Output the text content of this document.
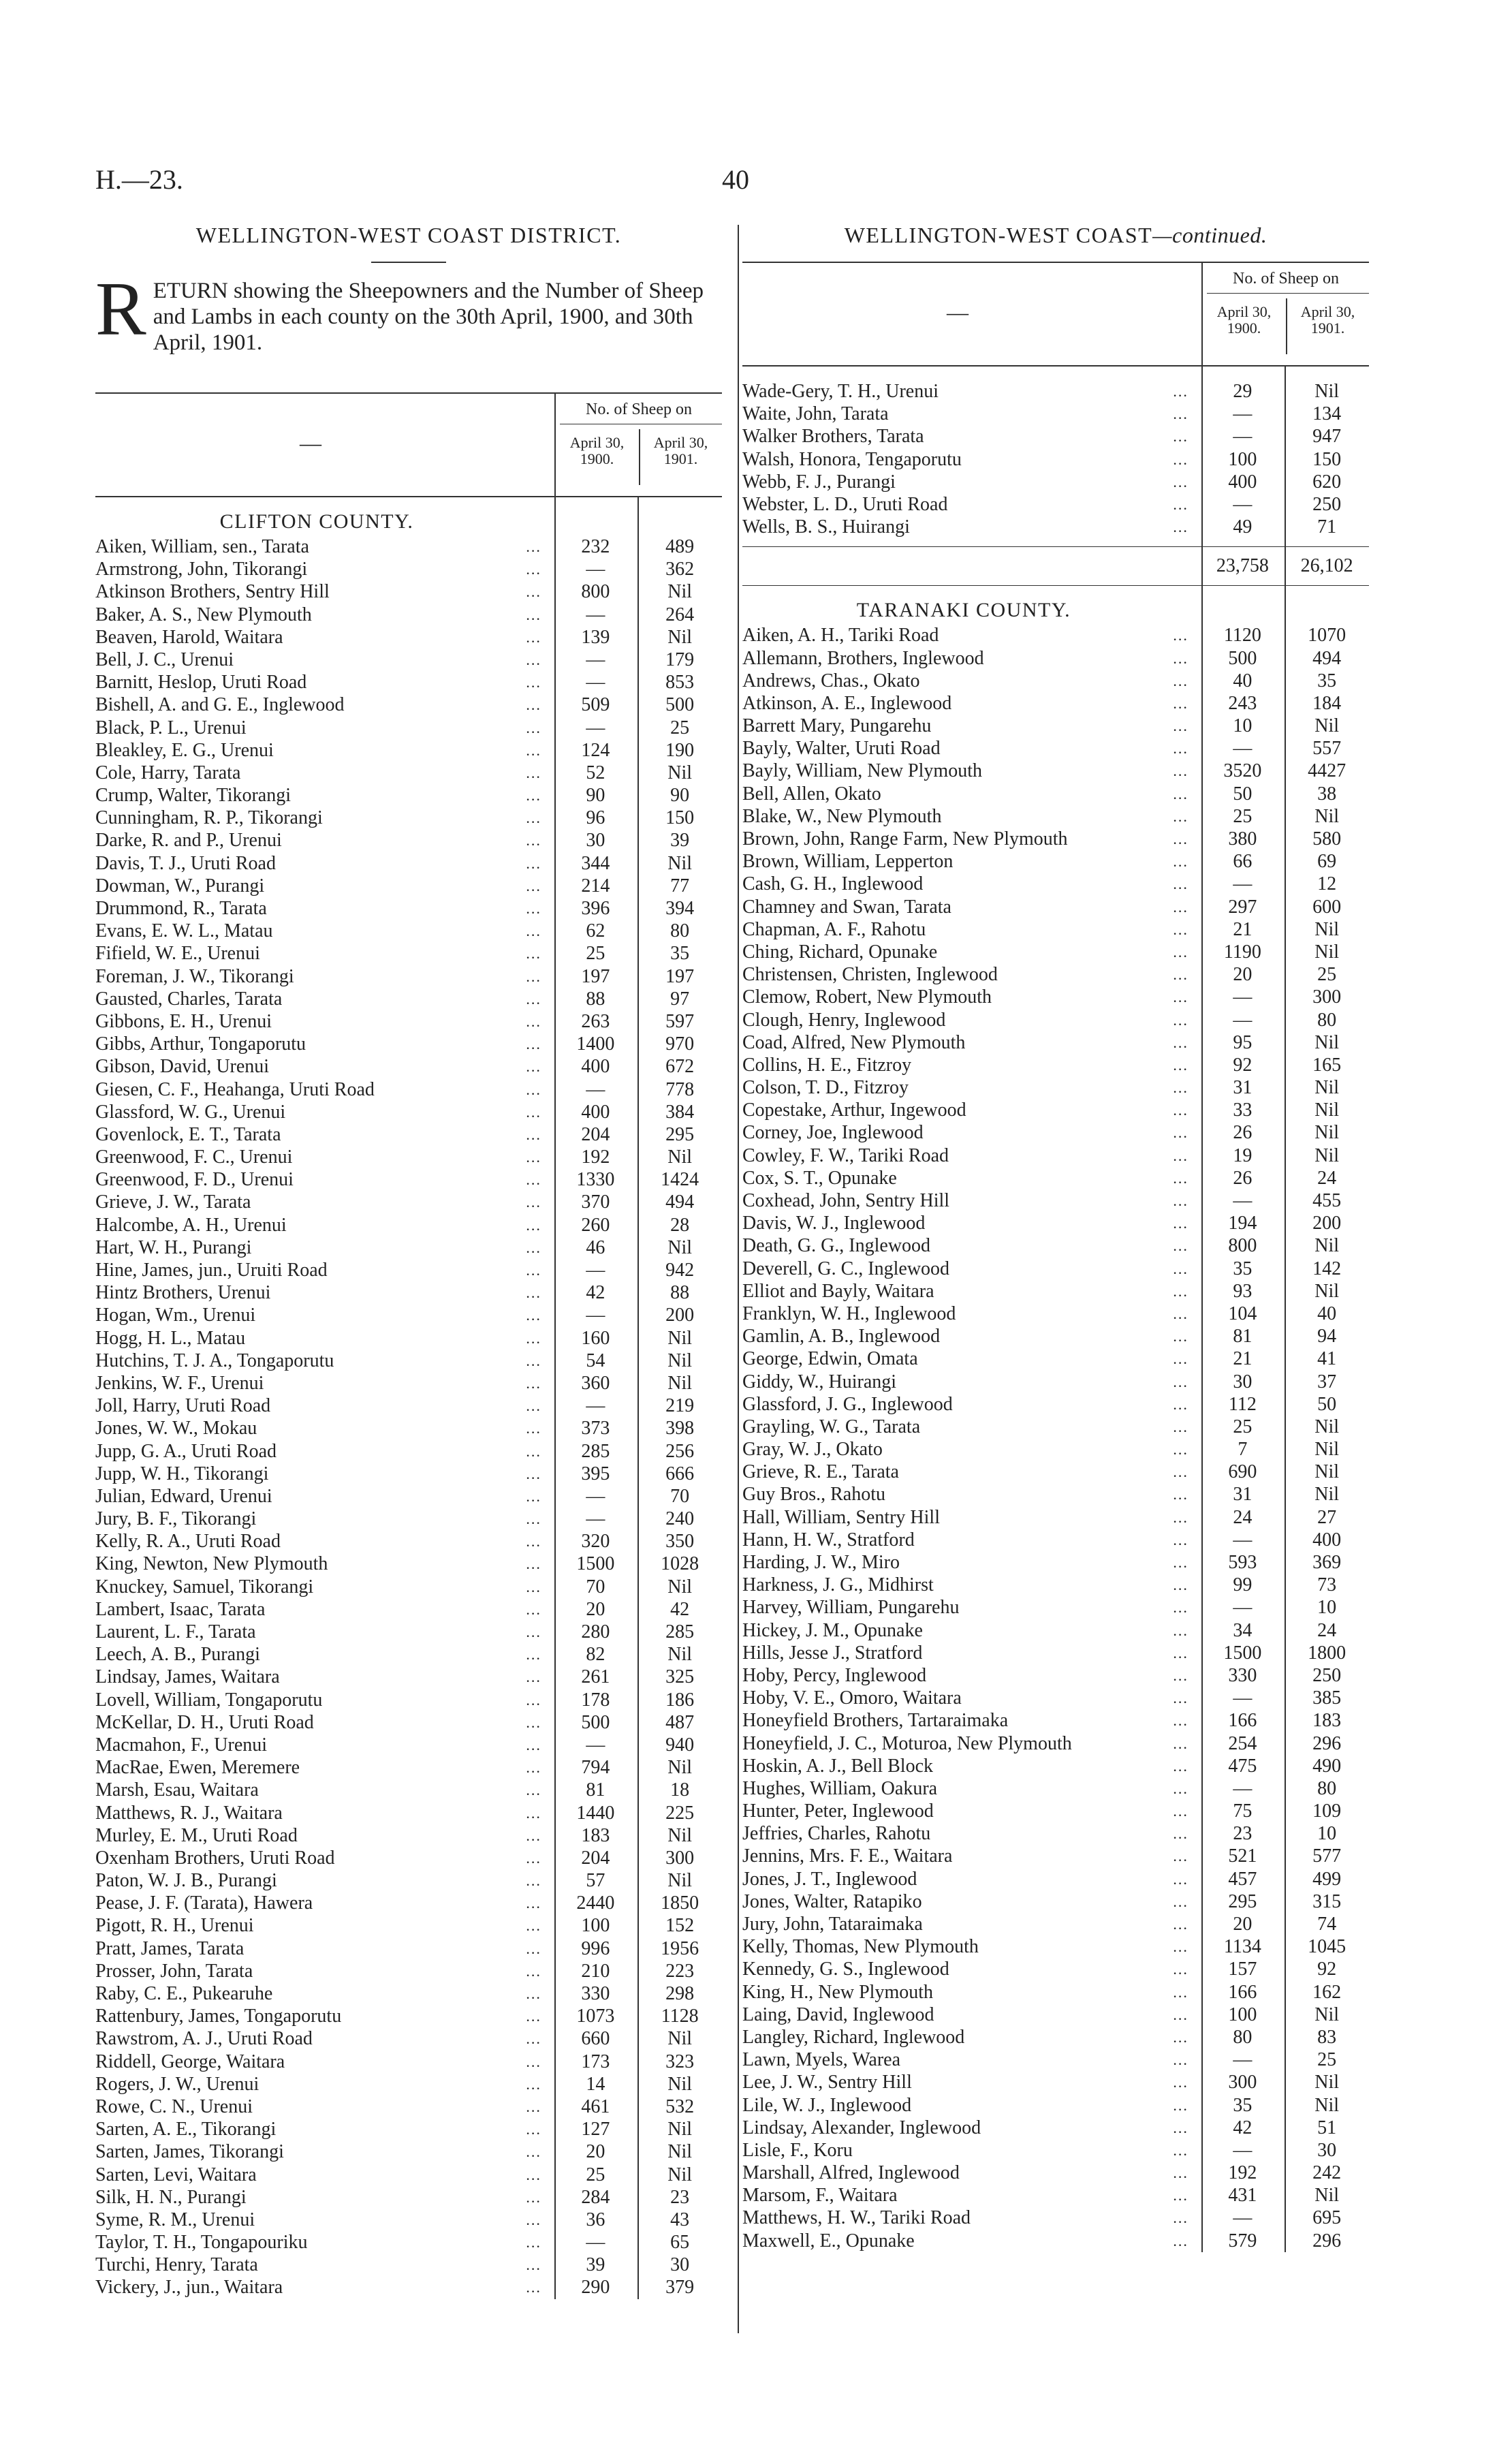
H.—23.	40
WELLINGTON-WEST COAST DISTRICT.
R ETURN showing the Sheepowners and the Number of Sheep and Lambs in each county on the 30th April, 1900, and 30th April, 1901.
—
No. of Sheep on
April 30, 1900.
April 30, 1901.
CLIFTON COUNTY.
Aiken, William, sen., Tarata	...	232	489
Armstrong, John, Tikorangi	...	—	362
Atkinson Brothers, Sentry Hill	...	800	Nil
Baker, A. S., New Plymouth	...	—	264
Beaven, Harold, Waitara	...	139	Nil
Bell, J. C., Urenui	...	—	179
Barnitt, Heslop, Uruti Road	...	—	853
Bishell, A. and G. E., Inglewood	...	509	500
Black, P. L., Urenui	...	—	25
Bleakley, E. G., Urenui	...	124	190
Cole, Harry, Tarata	...	52	Nil
Crump, Walter, Tikorangi	...	90	90
Cunningham, R. P., Tikorangi	...	96	150
Darke, R. and P., Urenui	...	30	39
Davis, T. J., Uruti Road	...	344	Nil
Dowman, W., Purangi	...	214	77
Drummond, R., Tarata	...	396	394
Evans, E. W. L., Matau	...	62	80
Fifield, W. E., Urenui	...	25	35
Foreman, J. W., Tikorangi	...	197	197
Gausted, Charles, Tarata	...	88	97
Gibbons, E. H., Urenui	...	263	597
Gibbs, Arthur, Tongaporutu	...	1400	970
Gibson, David, Urenui	...	400	672
Giesen, C. F., Heahanga, Uruti Road	...	—	778
Glassford, W. G., Urenui	...	400	384
Govenlock, E. T., Tarata	...	204	295
Greenwood, F. C., Urenui	...	192	Nil
Greenwood, F. D., Urenui	...	1330	1424
Grieve, J. W., Tarata	...	370	494
Halcombe, A. H., Urenui	...	260	28
Hart, W. H., Purangi	...	46	Nil
Hine, James, jun., Uruiti Road	...	—	942
Hintz Brothers, Urenui	...	42	88
Hogan, Wm., Urenui	...	—	200
Hogg, H. L., Matau	...	160	Nil
Hutchins, T. J. A., Tongaporutu	...	54	Nil
Jenkins, W. F., Urenui	...	360	Nil
Joll, Harry, Uruti Road	...	—	219
Jones, W. W., Mokau	...	373	398
Jupp, G. A., Uruti Road	...	285	256
Jupp, W. H., Tikorangi	...	395	666
Julian, Edward, Urenui	...	—	70
Jury, B. F., Tikorangi	...	—	240
Kelly, R. A., Uruti Road	...	320	350
King, Newton, New Plymouth	...	1500	1028
Knuckey, Samuel, Tikorangi	...	70	Nil
Lambert, Isaac, Tarata	...	20	42
Laurent, L. F., Tarata	...	280	285
Leech, A. B., Purangi	...	82	Nil
Lindsay, James, Waitara	...	261	325
Lovell, William, Tongaporutu	...	178	186
McKellar, D. H., Uruti Road	...	500	487
Macmahon, F., Urenui	...	—	940
MacRae, Ewen, Meremere	...	794	Nil
Marsh, Esau, Waitara	...	81	18
Matthews, R. J., Waitara	...	1440	225
Murley, E. M., Uruti Road	...	183	Nil
Oxenham Brothers, Uruti Road	...	204	300
Paton, W. J. B., Purangi	...	57	Nil
Pease, J. F. (Tarata), Hawera	...	2440	1850
Pigott, R. H., Urenui	...	100	152
Pratt, James, Tarata	...	996	1956
Prosser, John, Tarata	...	210	223
Raby, C. E., Pukearuhe	...	330	298
Rattenbury, James, Tongaporutu	...	1073	1128
Rawstrom, A. J., Uruti Road	...	660	Nil
Riddell, George, Waitara	...	173	323
Rogers, J. W., Urenui	...	14	Nil
Rowe, C. N., Urenui	...	461	532
Sarten, A. E., Tikorangi	...	127	Nil
Sarten, James, Tikorangi	...	20	Nil
Sarten, Levi, Waitara	...	25	Nil
Silk, H. N., Purangi	...	284	23
Syme, R. M., Urenui	...	36	43
Taylor, T. H., Tongapouriku	...	—	65
Turchi, Henry, Tarata	...	39	30
Vickery, J., jun., Waitara	...	290	379
WELLINGTON-WEST COAST—continued.
—
No. of Sheep on
April 30, 1900.
April 30, 1901.
Wade-Gery, T. H., Urenui	...	29	Nil
Waite, John, Tarata	...	—	134
Walker Brothers, Tarata	...	—	947
Walsh, Honora, Tengaporutu	...	100	150
Webb, F. J., Purangi	...	400	620
Webster, L. D., Uruti Road	...	—	250
Wells, B. S., Huirangi	...	49	71
23,758	26,102
TARANAKI COUNTY.
Aiken, A. H., Tariki Road	...	1120	1070
Allemann, Brothers, Inglewood	...	500	494
Andrews, Chas., Okato	...	40	35
Atkinson, A. E., Inglewood	...	243	184
Barrett Mary, Pungarehu	...	10	Nil
Bayly, Walter, Uruti Road	...	—	557
Bayly, William, New Plymouth	...	3520	4427
Bell, Allen, Okato	...	50	38
Blake, W., New Plymouth	...	25	Nil
Brown, John, Range Farm, New Plymouth	...	380	580
Brown, William, Lepperton	...	66	69
Cash, G. H., Inglewood	...	—	12
Chamney and Swan, Tarata	...	297	600
Chapman, A. F., Rahotu	...	21	Nil
Ching, Richard, Opunake	...	1190	Nil
Christensen, Christen, Inglewood	...	20	25
Clemow, Robert, New Plymouth	...	—	300
Clough, Henry, Inglewood	...	—	80
Coad, Alfred, New Plymouth	...	95	Nil
Collins, H. E., Fitzroy	...	92	165
Colson, T. D., Fitzroy	...	31	Nil
Copestake, Arthur, Ingewood	...	33	Nil
Corney, Joe, Inglewood	...	26	Nil
Cowley, F. W., Tariki Road	...	19	Nil
Cox, S. T., Opunake	...	26	24
Coxhead, John, Sentry Hill	...	—	455
Davis, W. J., Inglewood	...	194	200
Death, G. G., Inglewood	...	800	Nil
Deverell, G. C., Inglewood	...	35	142
Elliot and Bayly, Waitara	...	93	Nil
Franklyn, W. H., Inglewood	...	104	40
Gamlin, A. B., Inglewood	...	81	94
George, Edwin, Omata	...	21	41
Giddy, W., Huirangi	...	30	37
Glassford, J. G., Inglewood	...	112	50
Grayling, W. G., Tarata	...	25	Nil
Gray, W. J., Okato	...	7	Nil
Grieve, R. E., Tarata	...	690	Nil
Guy Bros., Rahotu	...	31	Nil
Hall, William, Sentry Hill	...	24	27
Hann, H. W., Stratford	...	—	400
Harding, J. W., Miro	...	593	369
Harkness, J. G., Midhirst	...	99	73
Harvey, William, Pungarehu	...	—	10
Hickey, J. M., Opunake	...	34	24
Hills, Jesse J., Stratford	...	1500	1800
Hoby, Percy, Inglewood	...	330	250
Hoby, V. E., Omoro, Waitara	...	—	385
Honeyfield Brothers, Tartaraimaka	...	166	183
Honeyfield, J. C., Moturoa, New Plymouth	...	254	296
Hoskin, A. J., Bell Block	...	475	490
Hughes, William, Oakura	...	—	80
Hunter, Peter, Inglewood	...	75	109
Jeffries, Charles, Rahotu	...	23	10
Jennins, Mrs. F. E., Waitara	...	521	577
Jones, J. T., Inglewood	...	457	499
Jones, Walter, Ratapiko	...	295	315
Jury, John, Tataraimaka	...	20	74
Kelly, Thomas, New Plymouth	...	1134	1045
Kennedy, G. S., Inglewood	...	157	92
King, H., New Plymouth	...	166	162
Laing, David, Inglewood	...	100	Nil
Langley, Richard, Inglewood	...	80	83
Lawn, Myels, Warea	...	—	25
Lee, J. W., Sentry Hill	...	300	Nil
Lile, W. J., Inglewood	...	35	Nil
Lindsay, Alexander, Inglewood	...	42	51
Lisle, F., Koru	...	—	30
Marshall, Alfred, Inglewood	...	192	242
Marsom, F., Waitara	...	431	Nil
Matthews, H. W., Tariki Road	...	—	695
Maxwell, E., Opunake	...	579	296
